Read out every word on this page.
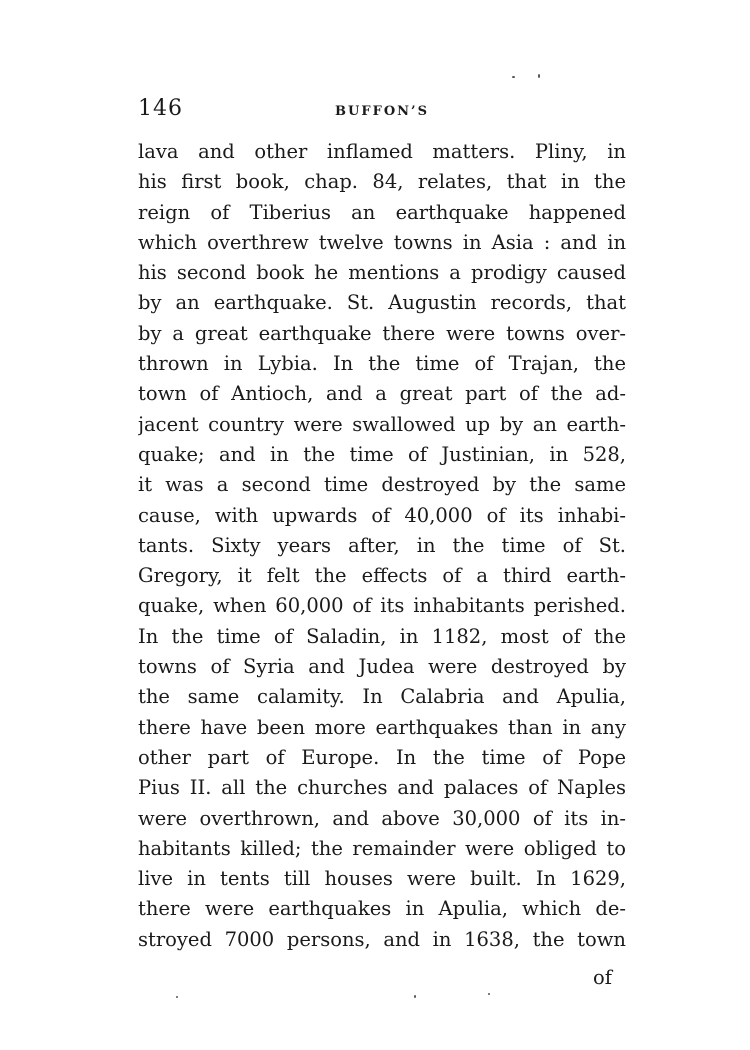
146	BUFFON’S
lava and other inflamed matters. Pliny, in
his first book, chap. 84, relates, that in the
reign of Tiberius an earthquake happened
which overthrew twelve towns in Asia : and in
his second book he mentions a prodigy caused
by an earthquake. St. Augustin records, that
by a great earthquake there were towns over-
thrown in Lybia. In the time of Trajan, the
town of Antioch, and a great part of the ad-
jacent country were swallowed up by an earth-
quake; and in the time of Justinian, in 528,
it was a second time destroyed by the same
cause, with upwards of 40,000 of its inhabi-
tants. Sixty years after, in the time of St.
Gregory, it felt the effects of a third earth-
quake, when 60,000 of its inhabitants perished.
In the time of Saladin, in 1182, most of the
towns of Syria and Judea were destroyed by
the same calamity. In Calabria and Apulia,
there have been more earthquakes than in any
other part of Europe. In the time of Pope
Pius II. all the churches and palaces of Naples
were overthrown, and above 30,000 of its in-
habitants killed; the remainder were obliged to
live in tents till houses were built. In 1629,
there were earthquakes in Apulia, which de-
stroyed 7000 persons, and in 1638, the town
of
